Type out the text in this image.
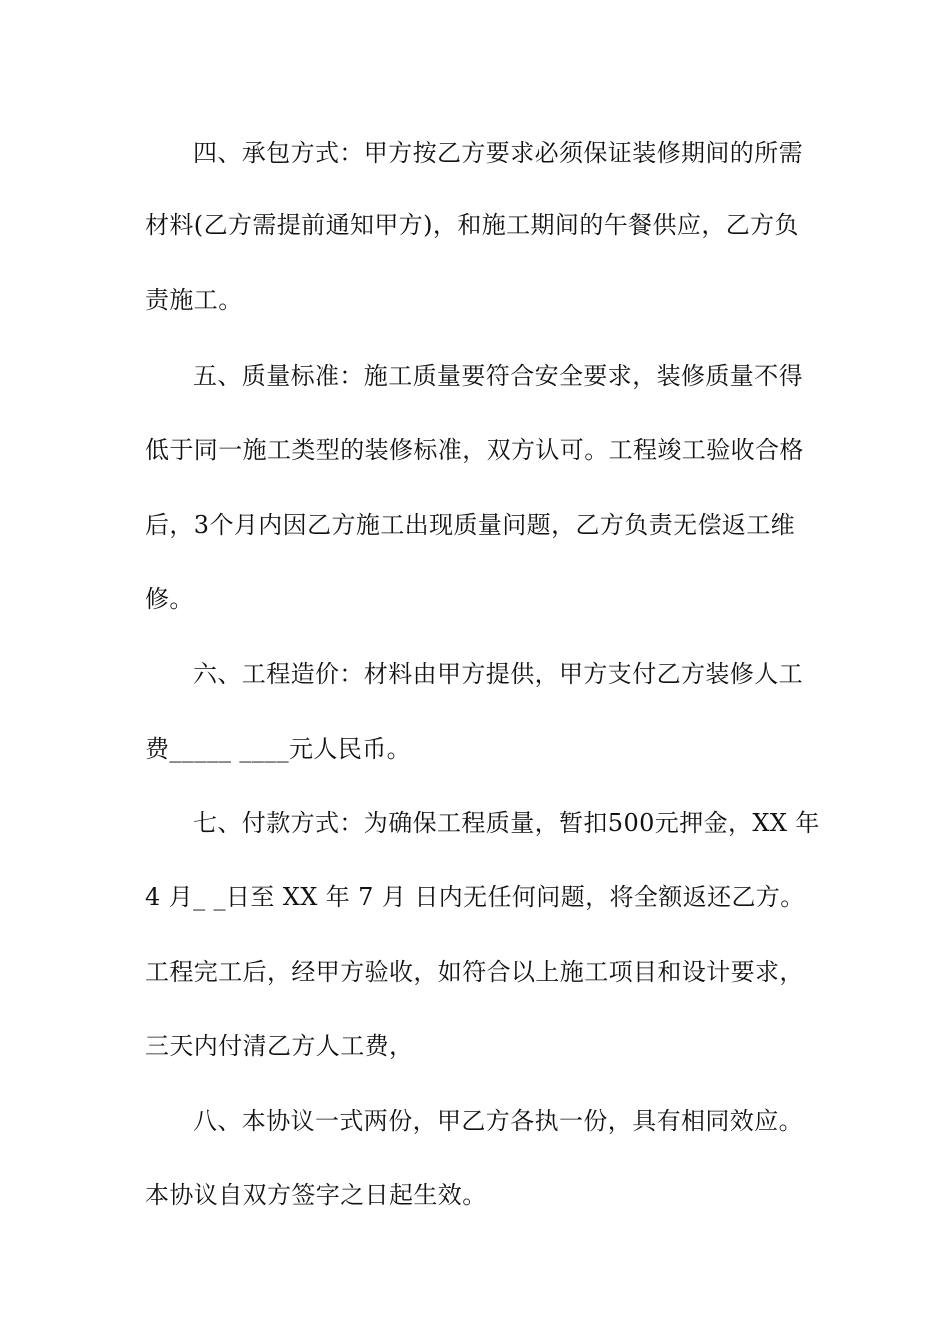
四、承包方式：甲方按乙方要求必须保证装修期间的所需
材料(乙方需提前通知甲方)，和施工期间的午餐供应，乙方负
责施工。
五、质量标准：施工质量要符合安全要求，装修质量不得
低于同一施工类型的装修标准，双方认可。工程竣工验收合格
后，3个月内因乙方施工出现质量问题，乙方负责无偿返工维
修。
六、工程造价：材料由甲方提供，甲方支付乙方装修人工
费_____ ____元人民币。
七、付款方式：为确保工程质量，暂扣500元押金，XX 年
4 月_ _日至 XX 年 7 月 日内无任何问题，将全额返还乙方。
工程完工后，经甲方验收，如符合以上施工项目和设计要求，
三天内付清乙方人工费，
八、本协议一式两份，甲乙方各执一份，具有相同效应。
本协议自双方签字之日起生效。
